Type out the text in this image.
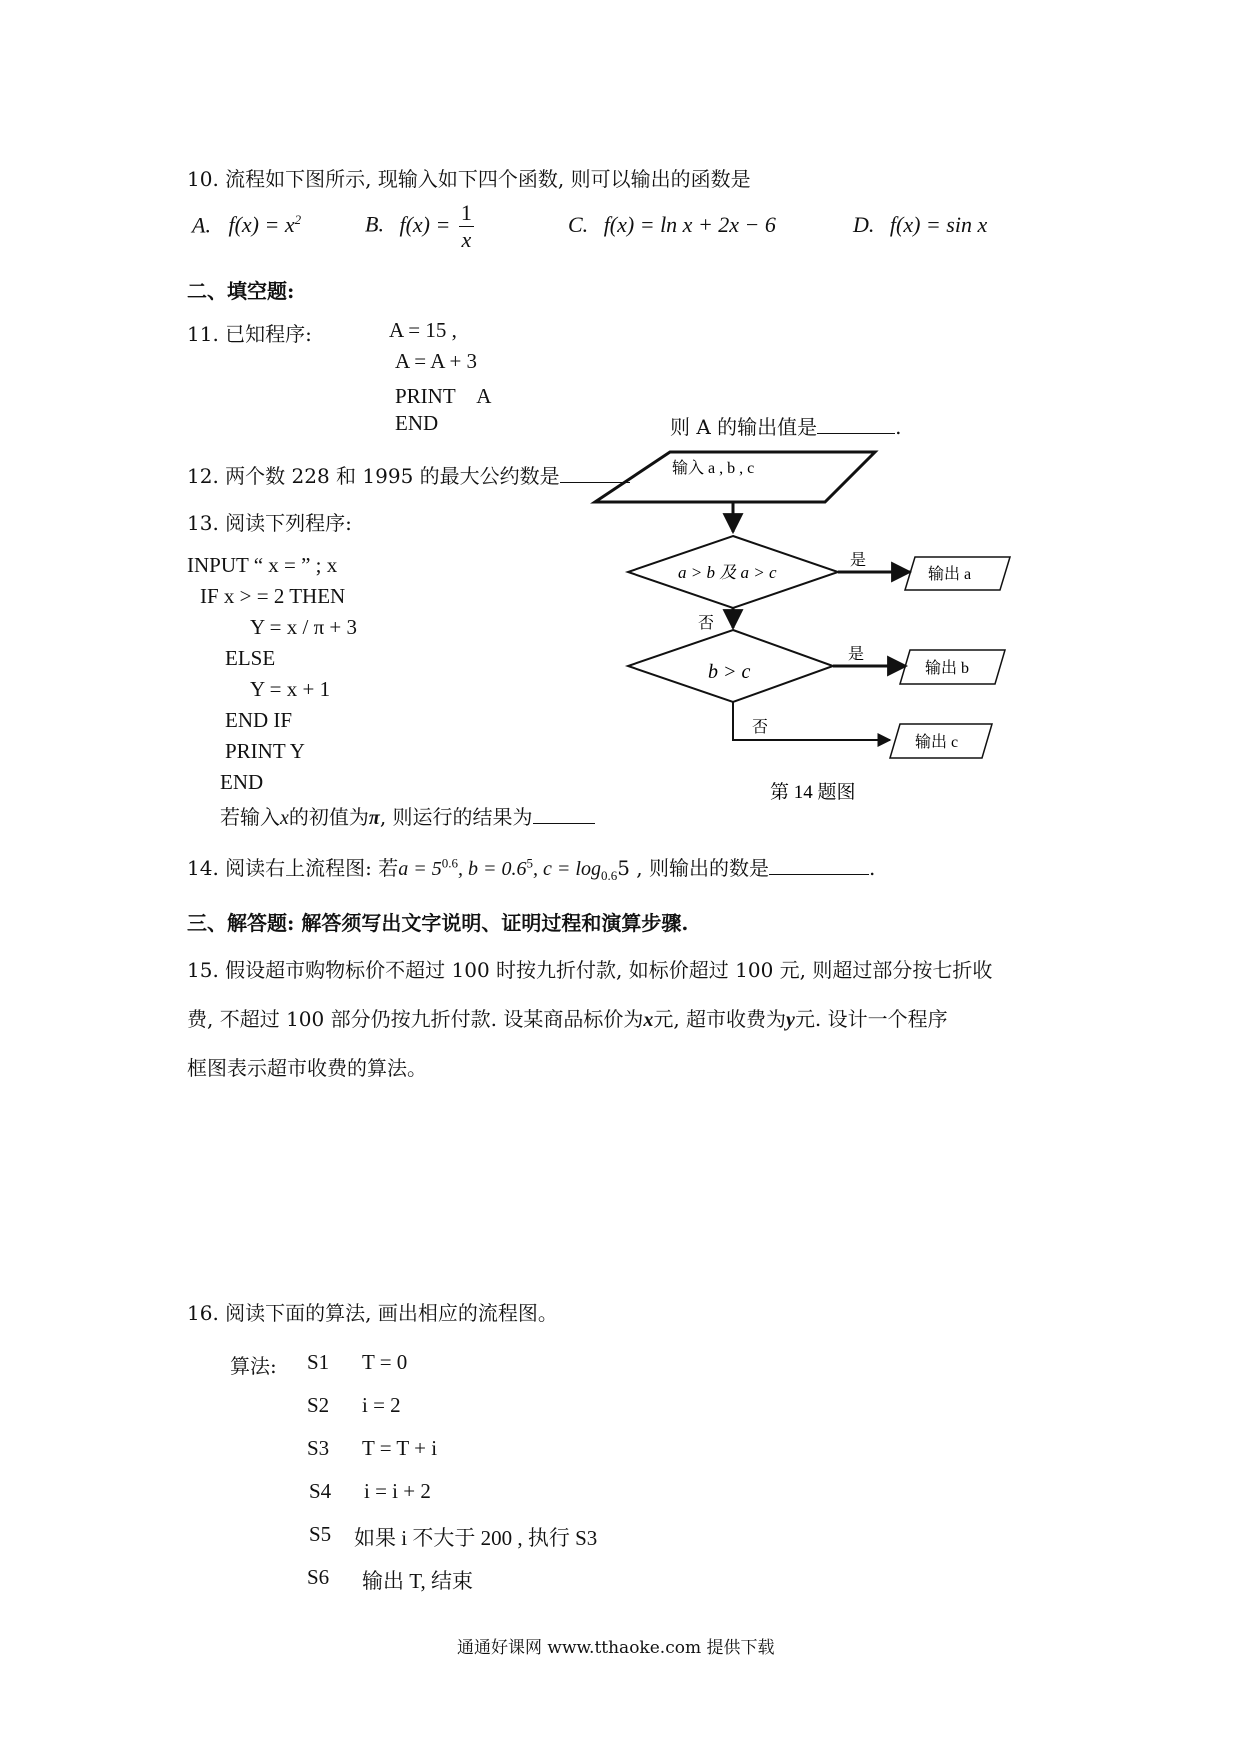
10. 流程如下图所示, 现输入如下四个函数, 则可以输出的函数是
A. $f(x) = x^2$	B. $f(x) = \frac{1}{x}$	C. f(x) = ln x + 2x − 6	D. f(x) = sin x
二、填空题:
11. 已知程序:	A = 15 ,
A = A + 3
PRINT　A
END	则 A 的输出值是	.
12. 两个数 228 和 1995 的最大公约数是
13. 阅读下列程序:
INPUT “ x = ” ; x
IF x > = 2 THEN
Y = x / π + 3
ELSE
Y = x + 1
END IF
PRINT Y
END
若输入x的初值为π, 则运行的结果为
输入 a , b , c
a > b 及 a > c
是
输出 a
否
b > c
是
输出 b
否
输出 c
第 14 题图
14. 阅读右上流程图: 若$a = 5^{0.6}$, $b = 0.6^5$, $c = \log_{0.6}5$ , 则输出的数是	.
三、解答题: 解答须写出文字说明、证明过程和演算步骤.
15. 假设超市购物标价不超过 100 时按九折付款, 如标价超过 100 元, 则超过部分按七折收
费, 不超过 100 部分仍按九折付款. 设某商品标价为x元, 超市收费为y元. 设计一个程序
框图表示超市收费的算法。
16. 阅读下面的算法, 画出相应的流程图。
算法: S1 T = 0
S2 i = 2
S3 T = T + i
S4 i = i + 2
S5 如果 i 不大于 200 , 执行 S3
S6 输出 T, 结束
通通好课网 www.tthaoke.com 提供下载
